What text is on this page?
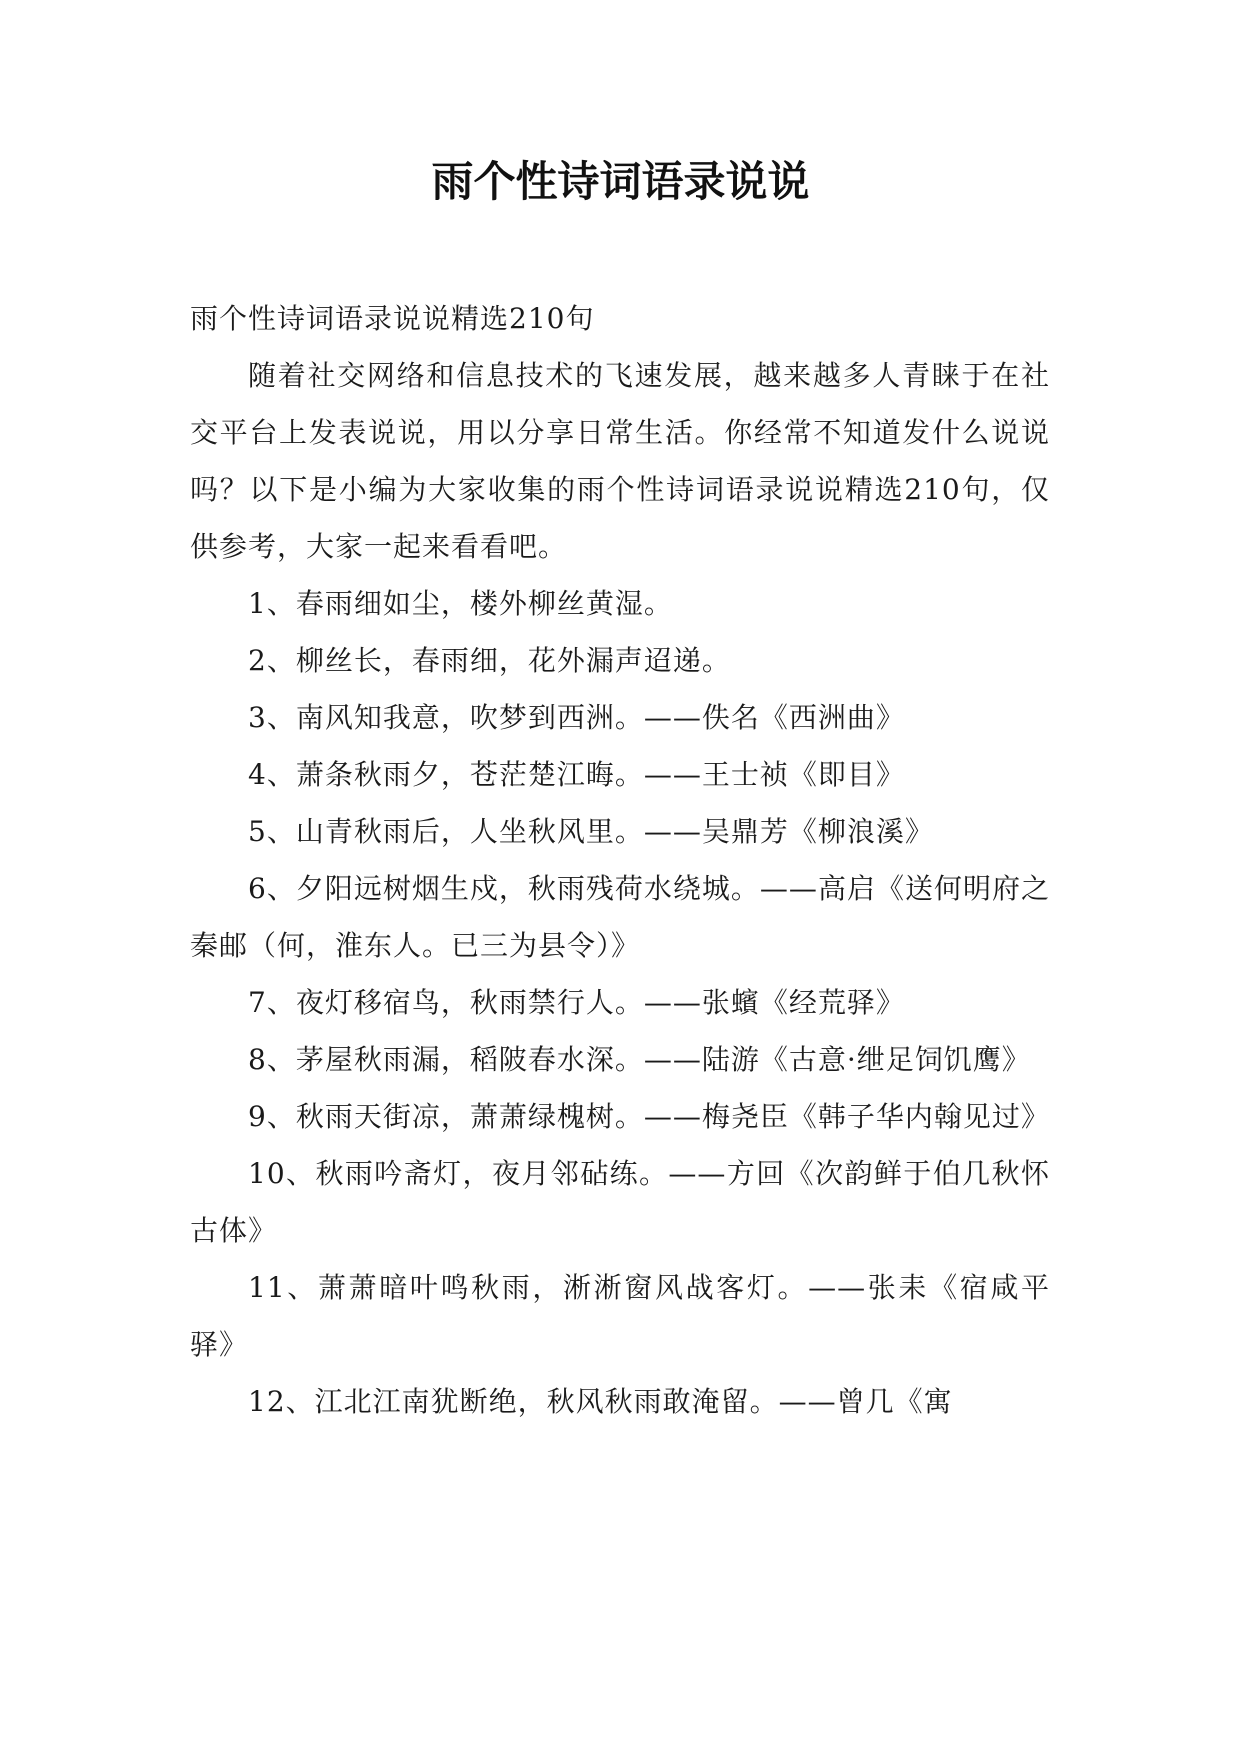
雨个性诗词语录说说

雨个性诗词语录说说精选210句

随着社交网络和信息技术的飞速发展，越来越多人青睐于在社交平台上发表说说，用以分享日常生活。你经常不知道发什么说说吗？以下是小编为大家收集的雨个性诗词语录说说精选210句，仅供参考，大家一起来看看吧。

1、春雨细如尘，楼外柳丝黄湿。

2、柳丝长，春雨细，花外漏声迢递。

3、南风知我意，吹梦到西洲。——佚名《西洲曲》

4、萧条秋雨夕，苍茫楚江晦。——王士祯《即目》

5、山青秋雨后，人坐秋风里。——吴鼎芳《柳浪溪》

6、夕阳远树烟生戍，秋雨残荷水绕城。——高启《送何明府之秦邮（何，淮东人。已三为县令）》

7、夜灯移宿鸟，秋雨禁行人。——张蠙《经荒驿》

8、茅屋秋雨漏，稻陂春水深。——陆游《古意·绁足饲饥鹰》

9、秋雨天街凉，萧萧绿槐树。——梅尧臣《韩子华内翰见过》

10、秋雨吟斋灯，夜月邻砧练。——方回《次韵鲜于伯几秋怀古体》

11、萧萧暗叶鸣秋雨，淅淅窗风战客灯。——张耒《宿咸平驿》

12、江北江南犹断绝，秋风秋雨敢淹留。——曾几《寓
